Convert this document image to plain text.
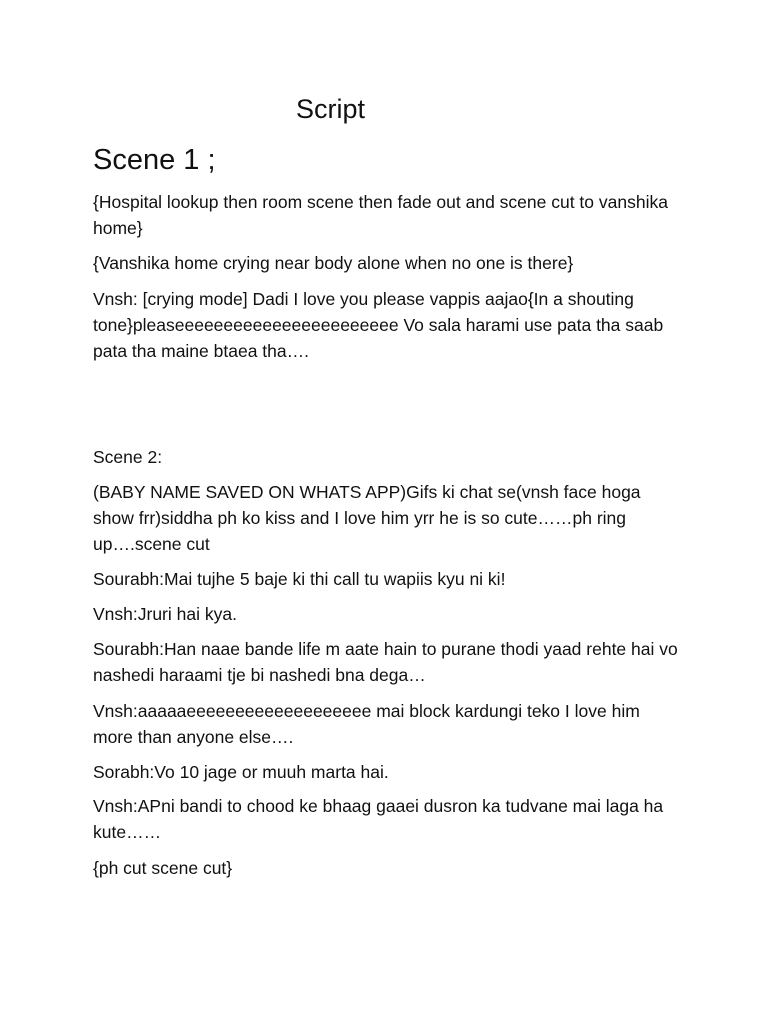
Script
Scene 1 ;

{Hospital lookup then room scene then fade out and scene cut to vanshika home}

{Vanshika home crying near body alone when no one is there}

Vnsh: [crying mode] Dadi I love you please vappis aajao{In a shouting tone}pleaseeeeeeeeeeeeeeeeeeeeeee Vo sala harami use pata tha saab pata tha maine btaea tha….

Scene 2:

(BABY NAME SAVED ON WHATS APP)Gifs ki chat se(vnsh face hoga show frr)siddha ph ko kiss and I love him yrr he is so cute……ph ring up….scene cut

Sourabh:Mai tujhe 5 baje ki thi call tu wapiis kyu ni ki!

Vnsh:Jruri hai kya.

Sourabh:Han naae bande life m aate hain to purane thodi yaad rehte hai vo nashedi haraami tje bi nashedi bna dega…

Vnsh:aaaaaeeeeeeeeeeeeeeeeeee mai block kardungi teko I love him more than anyone else….

Sorabh:Vo 10 jage or muuh marta hai.

Vnsh:APni bandi to chood ke bhaag gaaei dusron ka tudvane mai laga ha kute……

{ph cut scene cut}
